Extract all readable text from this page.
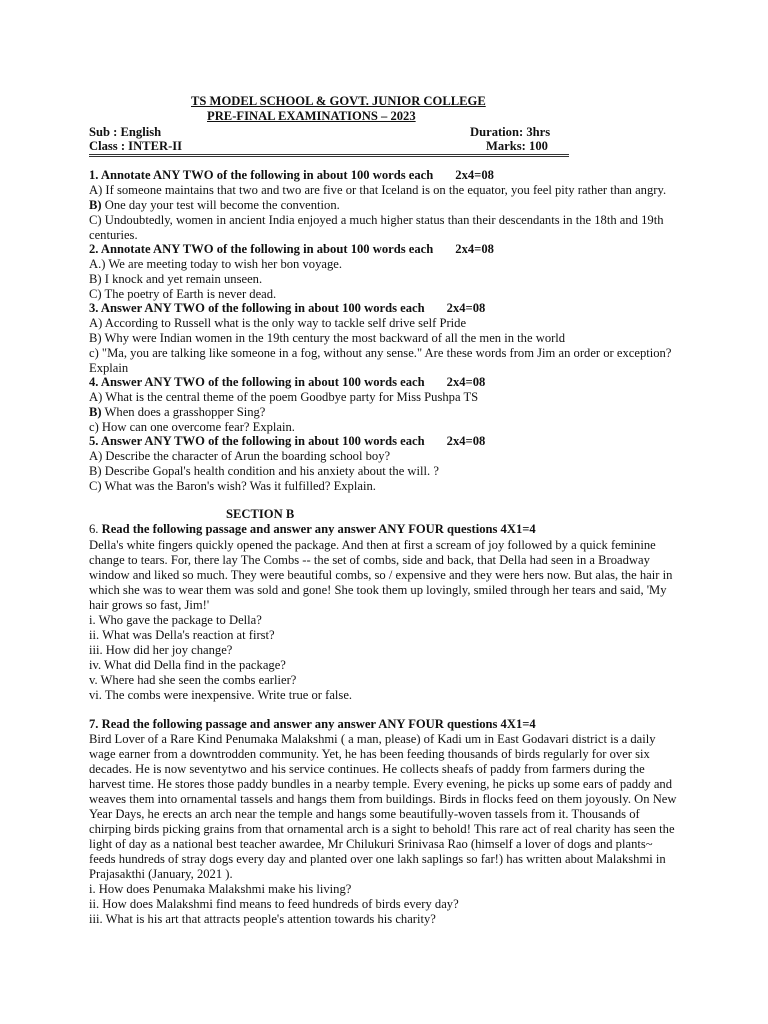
TS MODEL SCHOOL & GOVT. JUNIOR COLLEGE
PRE-FINAL EXAMINATIONS – 2023
Sub : English	Duration: 3hrs
Class : INTER-II	Marks: 100
1. Annotate ANY TWO of the following in about 100 words each 2x4=08
A) If someone maintains that two and two are five or that Iceland is on the equator, you feel pity rather than angry.
B) One day your test will become the convention.
C) Undoubtedly, women in ancient India enjoyed a much higher status than their descendants in the 18th and 19th
centuries.
2. Annotate ANY TWO of the following in about 100 words each 2x4=08
A.) We are meeting today to wish her bon voyage.
B) I knock and yet remain unseen.
C) The poetry of Earth is never dead.
3. Answer ANY TWO of the following in about 100 words each 2x4=08
A) According to Russell what is the only way to tackle self drive self Pride
B) Why were Indian women in the 19th century the most backward of all the men in the world
c) "Ma, you are talking like someone in a fog, without any sense." Are these words from Jim an order or exception?
Explain
4. Answer ANY TWO of the following in about 100 words each 2x4=08
A) What is the central theme of the poem Goodbye party for Miss Pushpa TS
B) When does a grasshopper Sing?
c) How can one overcome fear? Explain.
5. Answer ANY TWO of the following in about 100 words each 2x4=08
A) Describe the character of Arun the boarding school boy?
B) Describe Gopal's health condition and his anxiety about the will. ?
C) What was the Baron's wish? Was it fulfilled? Explain.
SECTION B
6. Read the following passage and answer any answer ANY FOUR questions 4X1=4
Della's white fingers quickly opened the package. And then at first a scream of joy followed by a quick feminine
change to tears. For, there lay The Combs -- the set of combs, side and back, that Della had seen in a Broadway
window and liked so much. They were beautiful combs, so / expensive and they were hers now. But alas, the hair in
which she was to wear them was sold and gone! She took them up lovingly, smiled through her tears and said, 'My
hair grows so fast, Jim!'
i. Who gave the package to Della?
ii. What was Della's reaction at first?
iii. How did her joy change?
iv. What did Della find in the package?
v. Where had she seen the combs earlier?
vi. The combs were inexpensive. Write true or false.
7. Read the following passage and answer any answer ANY FOUR questions 4X1=4
Bird Lover of a Rare Kind Penumaka Malakshmi ( a man, please) of Kadi um in East Godavari district is a daily
wage earner from a downtrodden community. Yet, he has been feeding thousands of birds regularly for over six
decades. He is now seventytwo and his service continues. He collects sheafs of paddy from farmers during the
harvest time. He stores those paddy bundles in a nearby temple. Every evening, he picks up some ears of paddy and
weaves them into ornamental tassels and hangs them from buildings. Birds in flocks feed on them joyously. On New
Year Days, he erects an arch near the temple and hangs some beautifully-woven tassels from it. Thousands of
chirping birds picking grains from that ornamental arch is a sight to behold! This rare act of real charity has seen the
light of day as a national best teacher awardee, Mr Chilukuri Srinivasa Rao (himself a lover of dogs and plants~
feeds hundreds of stray dogs every day and planted over one lakh saplings so far!) has written about Malakshmi in
Prajasakthi (January, 2021 ).
i. How does Penumaka Malakshmi make his living?
ii. How does Malakshmi find means to feed hundreds of birds every day?
iii. What is his art that attracts people's attention towards his charity?
